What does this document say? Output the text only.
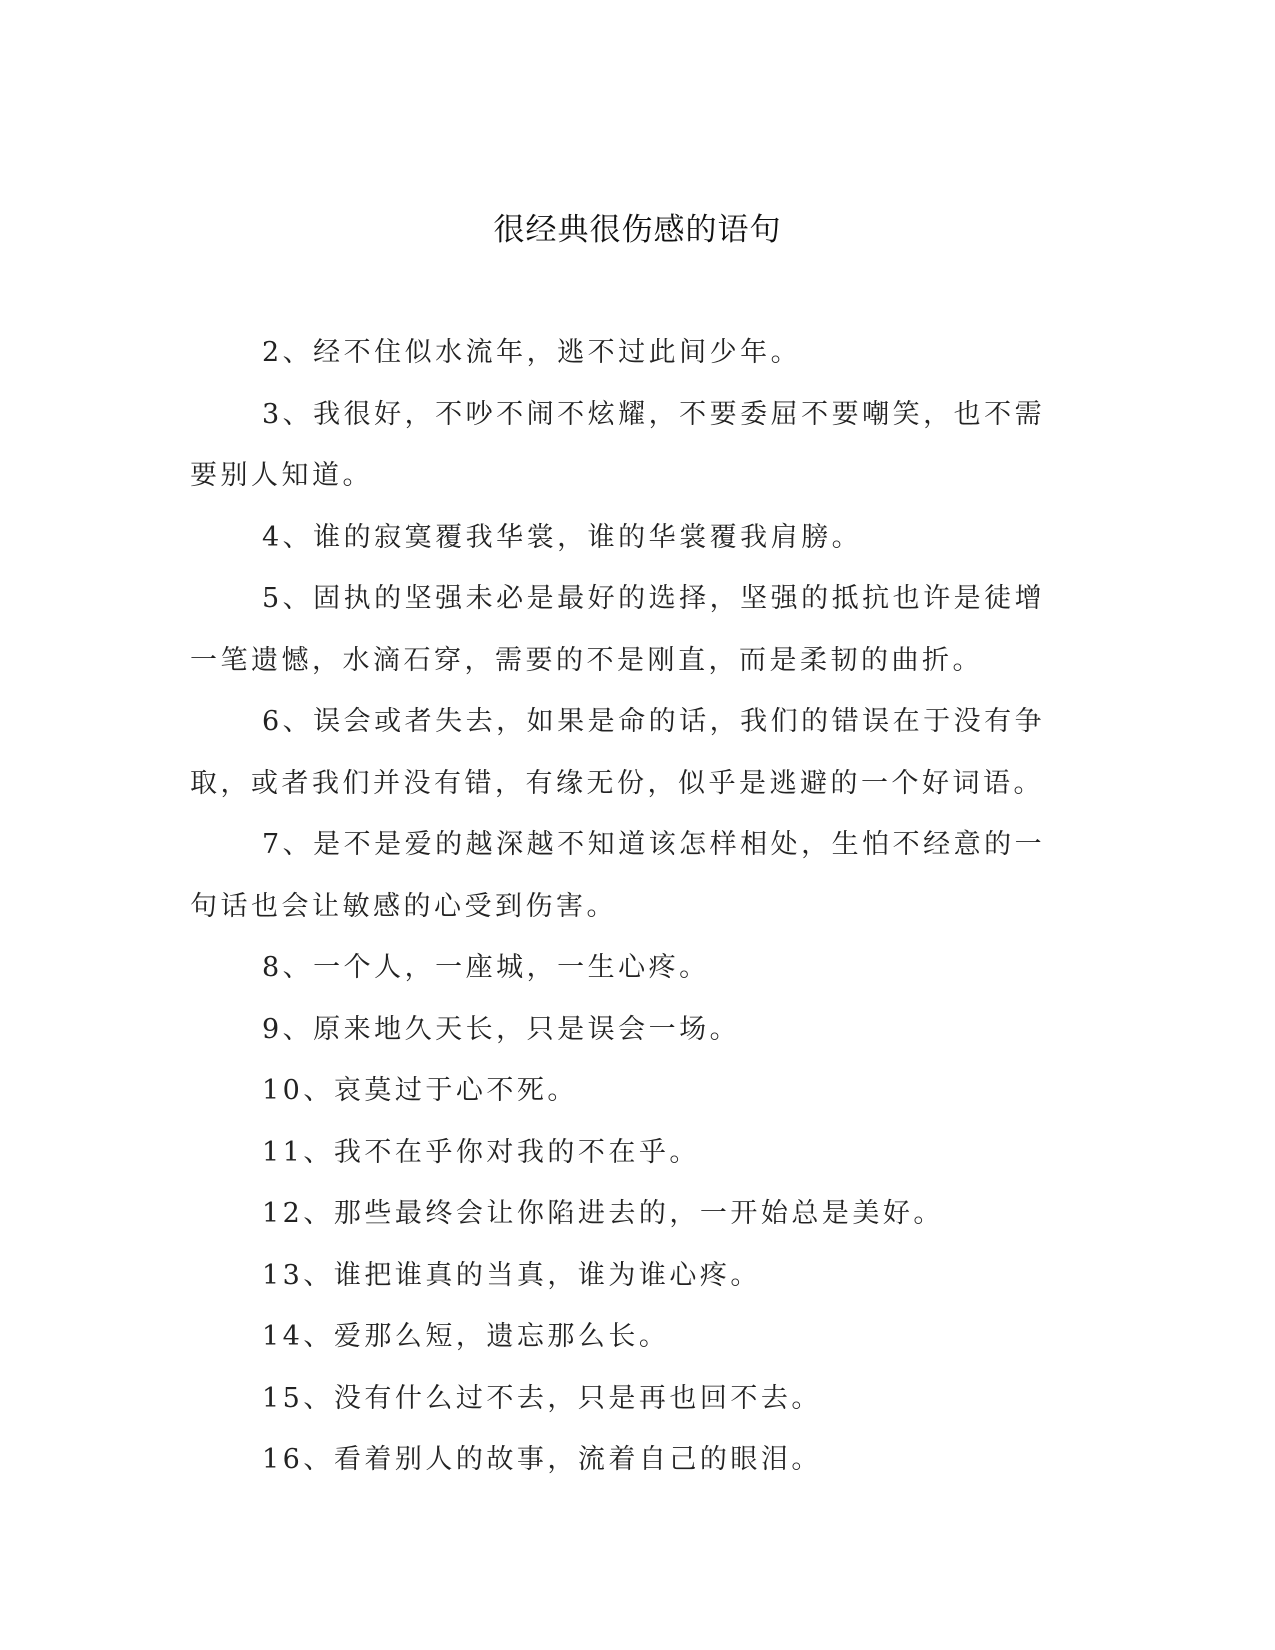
很经典很伤感的语句

2、经不住似水流年，逃不过此间少年。

3、我很好，不吵不闹不炫耀，不要委屈不要嘲笑，也不需要别人知道。

4、谁的寂寞覆我华裳，谁的华裳覆我肩膀。

5、固执的坚强未必是最好的选择，坚强的抵抗也许是徒增一笔遗憾，水滴石穿，需要的不是刚直，而是柔韧的曲折。

6、误会或者失去，如果是命的话，我们的错误在于没有争取，或者我们并没有错，有缘无份，似乎是逃避的一个好词语。

7、是不是爱的越深越不知道该怎样相处，生怕不经意的一句话也会让敏感的心受到伤害。

8、一个人，一座城，一生心疼。

9、原来地久天长，只是误会一场。

10、哀莫过于心不死。

11、我不在乎你对我的不在乎。

12、那些最终会让你陷进去的，一开始总是美好。

13、谁把谁真的当真，谁为谁心疼。

14、爱那么短，遗忘那么长。

15、没有什么过不去，只是再也回不去。

16、看着别人的故事，流着自己的眼泪。
